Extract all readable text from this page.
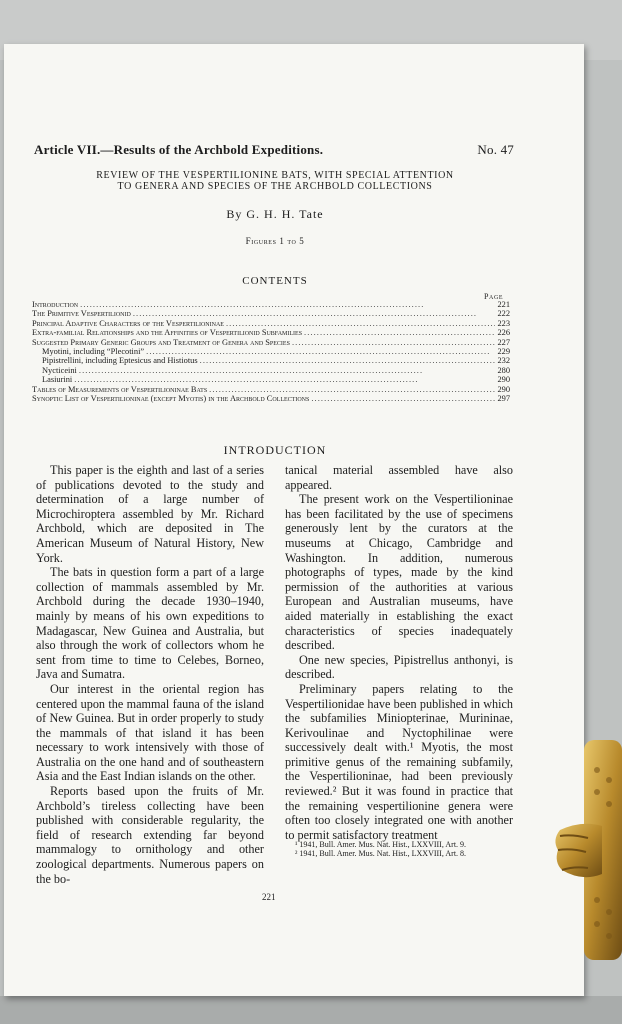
Article VII.—Results of the Archbold Expeditions.	No. 47
REVIEW OF THE VESPERTILIONINE BATS, WITH SPECIAL ATTENTION
TO GENERA AND SPECIES OF THE ARCHBOLD COLLECTIONS
By G. H. H. Tate
Figures 1 to 5
CONTENTS
Page
Introduction . . .	221
The Primitive Vespertilionid . . .	222
Principal Adaptive Characters of the Vespertilioninae . . .	223
Extra-familial Relationships and the Affinities of Vespertilionid Subfamilies . . .	226
Suggested Primary Generic Groups and Treatment of Genera and Species . . .	227
Myotini, including “Plecotini” . . .	229
Pipistrellini, including Eptesicus and Histiotus . . .	232
Nycticeini . . .	280
Lasiurini . . .	290
Tables of Measurements of Vespertilioninae Bats . . .	290
Synoptic List of Vespertilioninae (except Myotis) in the Archbold Collections . . .	297
INTRODUCTION

This paper is the eighth and last of a series of publications devoted to the study and determination of a large number of Microchiroptera assembled by Mr. Richard Archbold, which are deposited in The American Museum of Natural History, New York.

The bats in question form a part of a large collection of mammals assembled by Mr. Archbold during the decade 1930–1940, mainly by means of his own expeditions to Madagascar, New Guinea and Australia, but also through the work of collectors whom he sent from time to time to Celebes, Borneo, Java and Sumatra.

Our interest in the oriental region has centered upon the mammal fauna of the island of New Guinea. But in order properly to study the mammals of that island it has been necessary to work intensively with those of Australia on the one hand and of southeastern Asia and the East Indian islands on the other.

Reports based upon the fruits of Mr. Archbold’s tireless collecting have been published with considerable regularity, the field of research extending far beyond mammalogy to ornithology and other zoological departments. Numerous papers on the bo-

tanical material assembled have also appeared.

The present work on the Vespertilioninae has been facilitated by the use of specimens generously lent by the curators at the museums at Chicago, Cambridge and Washington. In addition, numerous photographs of types, made by the kind permission of the authorities at various European and Australian museums, have aided materially in establishing the exact characteristics of species inadequately described.

One new species, Pipistrellus anthonyi, is described.

Preliminary papers relating to the Vespertilionidae have been published in which the subfamilies Miniopterinae, Murininae, Kerivoulinae and Nyctophilinae were successively dealt with.¹ Myotis, the most primitive genus of the remaining subfamily, the Vespertilioninae, had been previously reviewed.² But it was found in practice that the remaining vespertilionine genera were often too closely integrated one with another to permit satisfactory treatment

¹ 1941, Bull. Amer. Mus. Nat. Hist., LXXVIII, Art. 9.
² 1941, Bull. Amer. Mus. Nat. Hist., LXXVIII, Art. 8.
221
